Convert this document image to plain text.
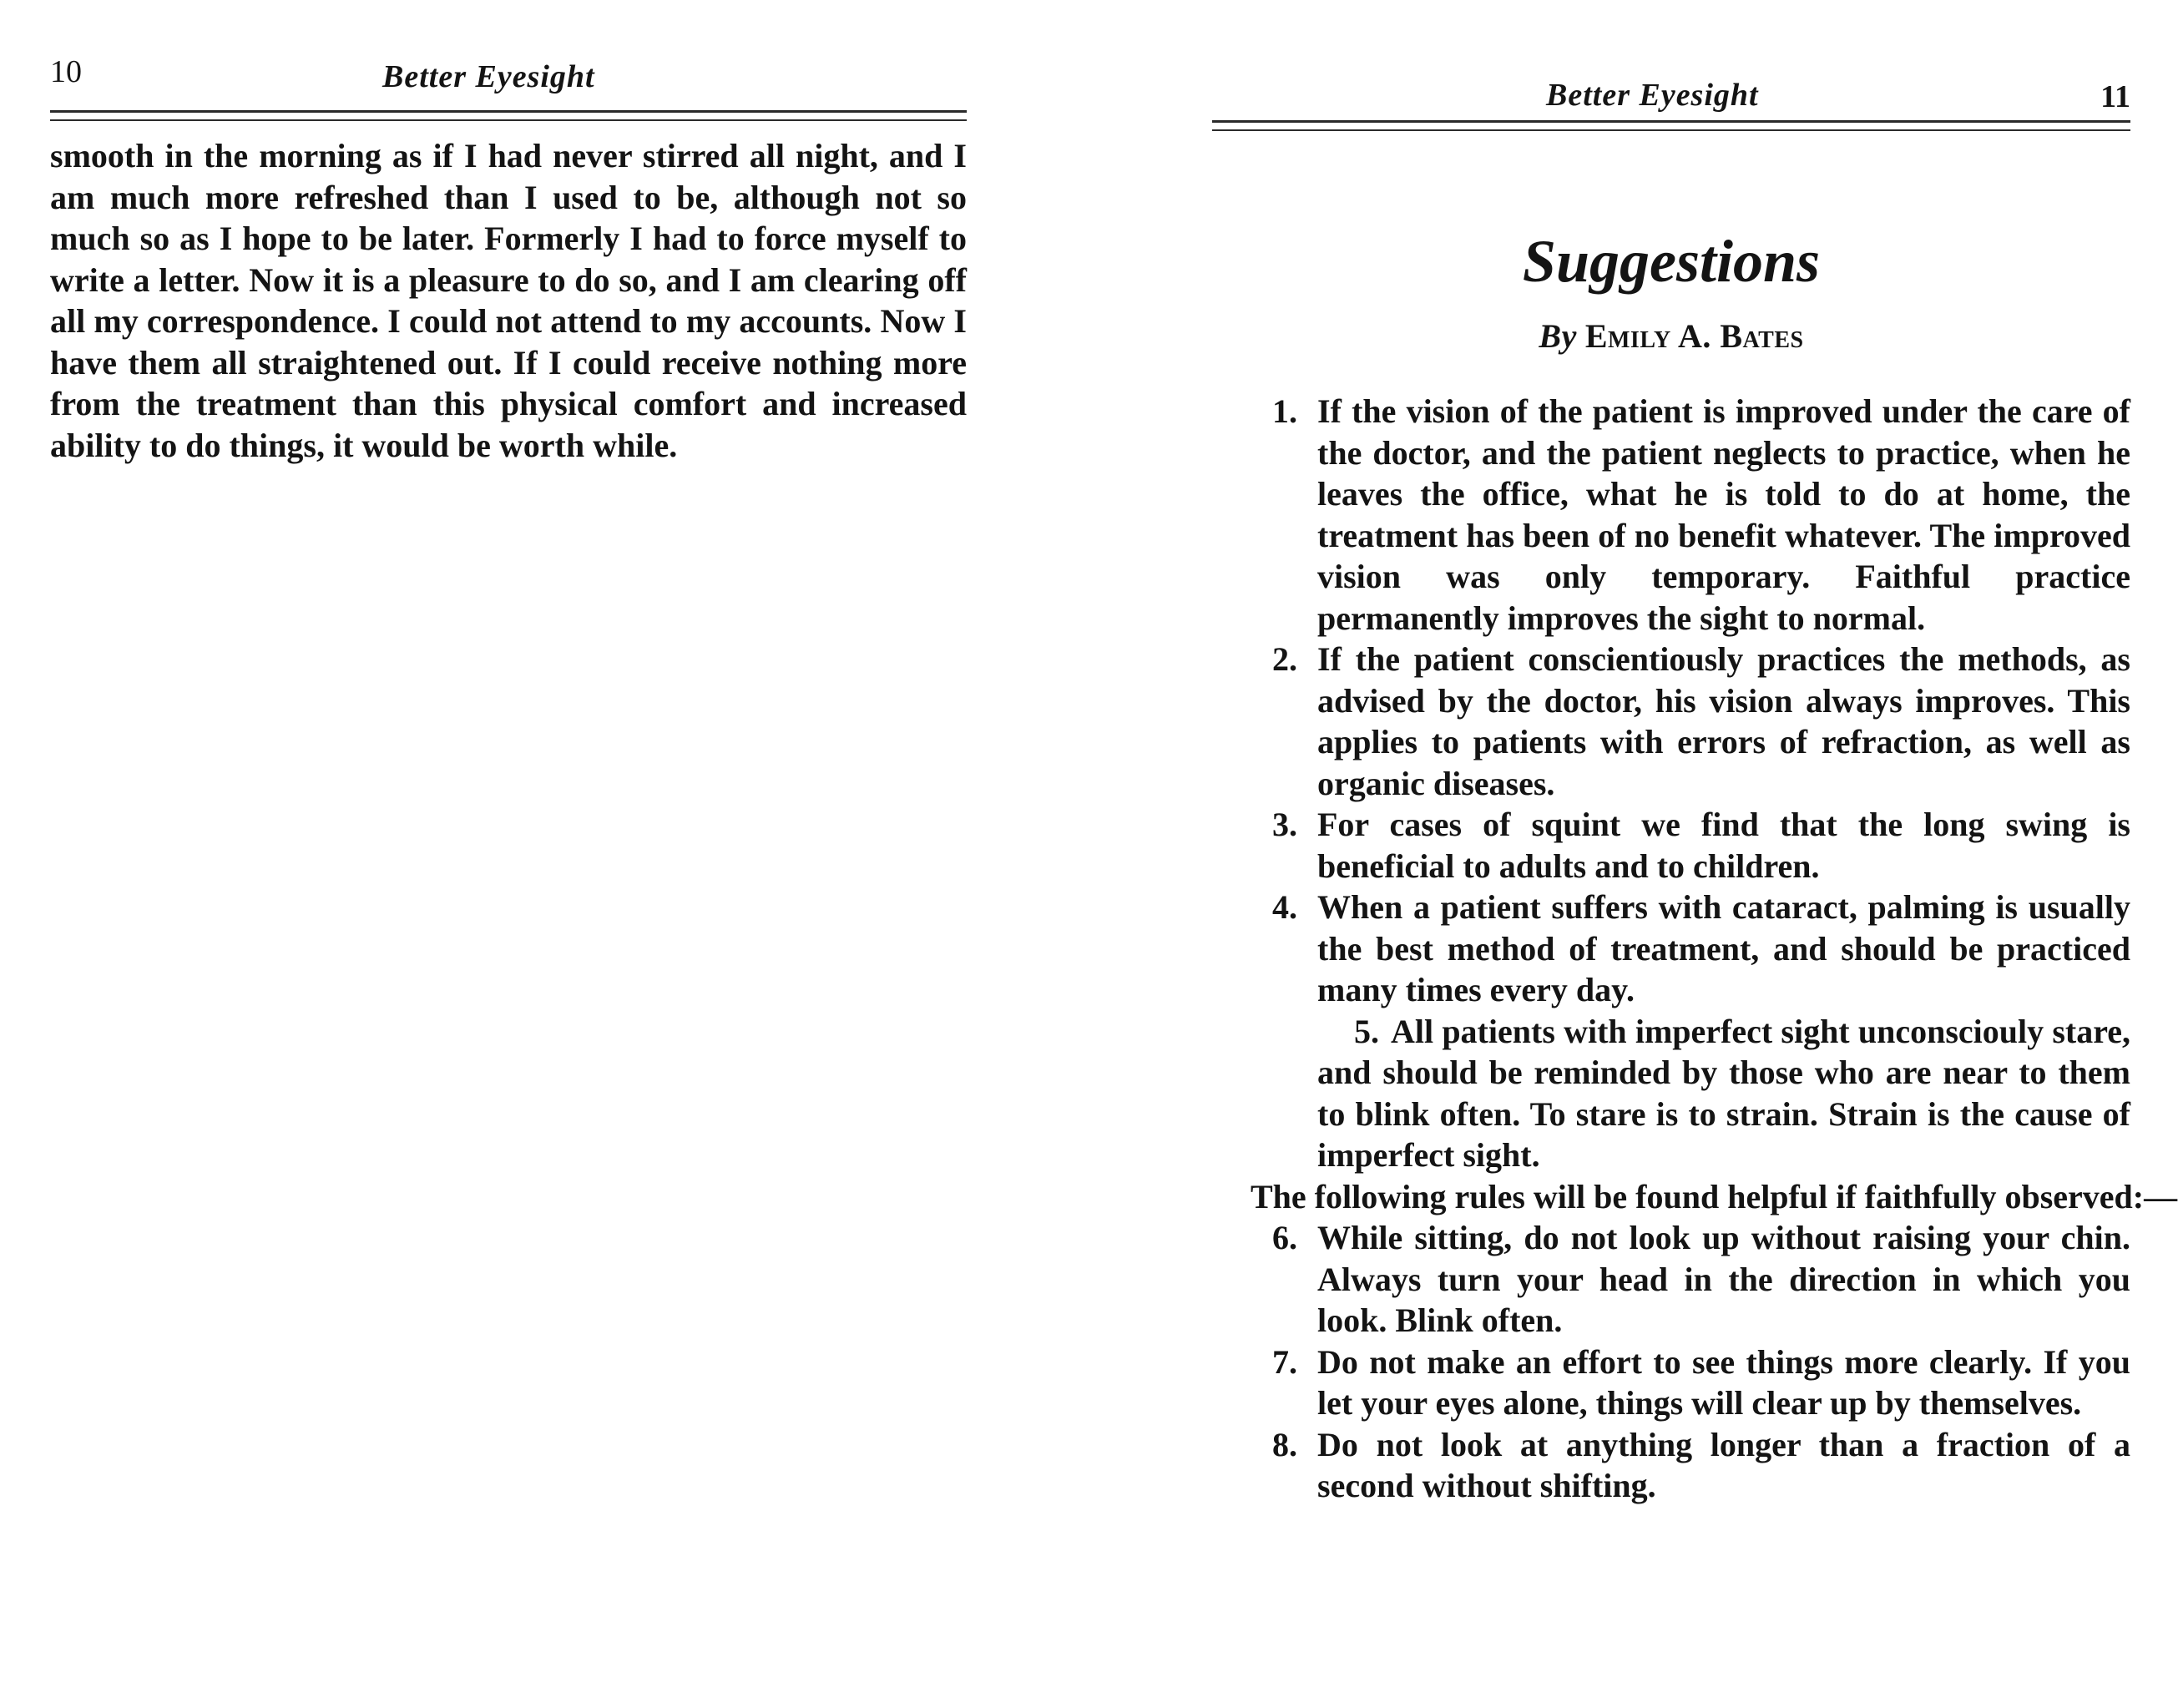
10	Better Eyesight

smooth in the morning as if I had never stirred all night, and I am much more refreshed than I used to be, although not so much so as I hope to be later. Formerly I had to force myself to write a letter. Now it is a pleasure to do so, and I am clearing off all my correspondence. I could not attend to my accounts. Now I have them all straightened out. If I could receive nothing more from the treatment than this physical comfort and increased ability to do things, it would be worth while.

Better Eyesight	11
Suggestions
By Emily A. Bates
1. If the vision of the patient is improved under the care of the doctor, and the patient neglects to practice, when he leaves the office, what he is told to do at home, the treatment has been of no benefit whatever. The improved vision was only temporary. Faithful practice permanently improves the sight to normal.
2. If the patient conscientiously practices the methods, as advised by the doctor, his vision always improves. This applies to patients with errors of refraction, as well as organic diseases.
3. For cases of squint we find that the long swing is beneficial to adults and to children.
4. When a patient suffers with cataract, palming is usually the best method of treatment, and should be practiced many times every day.
5. All patients with imperfect sight unconscioulу stare, and should be reminded by those who are near to them to blink often. To stare is to strain. Strain is the cause of imperfect sight.
The following rules will be found helpful if faithfully observed:—
6. While sitting, do not look up without raising your chin. Always turn your head in the direction in which you look. Blink often.
7. Do not make an effort to see things more clearly. If you let your eyes alone, things will clear up by themselves.
8. Do not look at anything longer than a fraction of a second without shifting.
